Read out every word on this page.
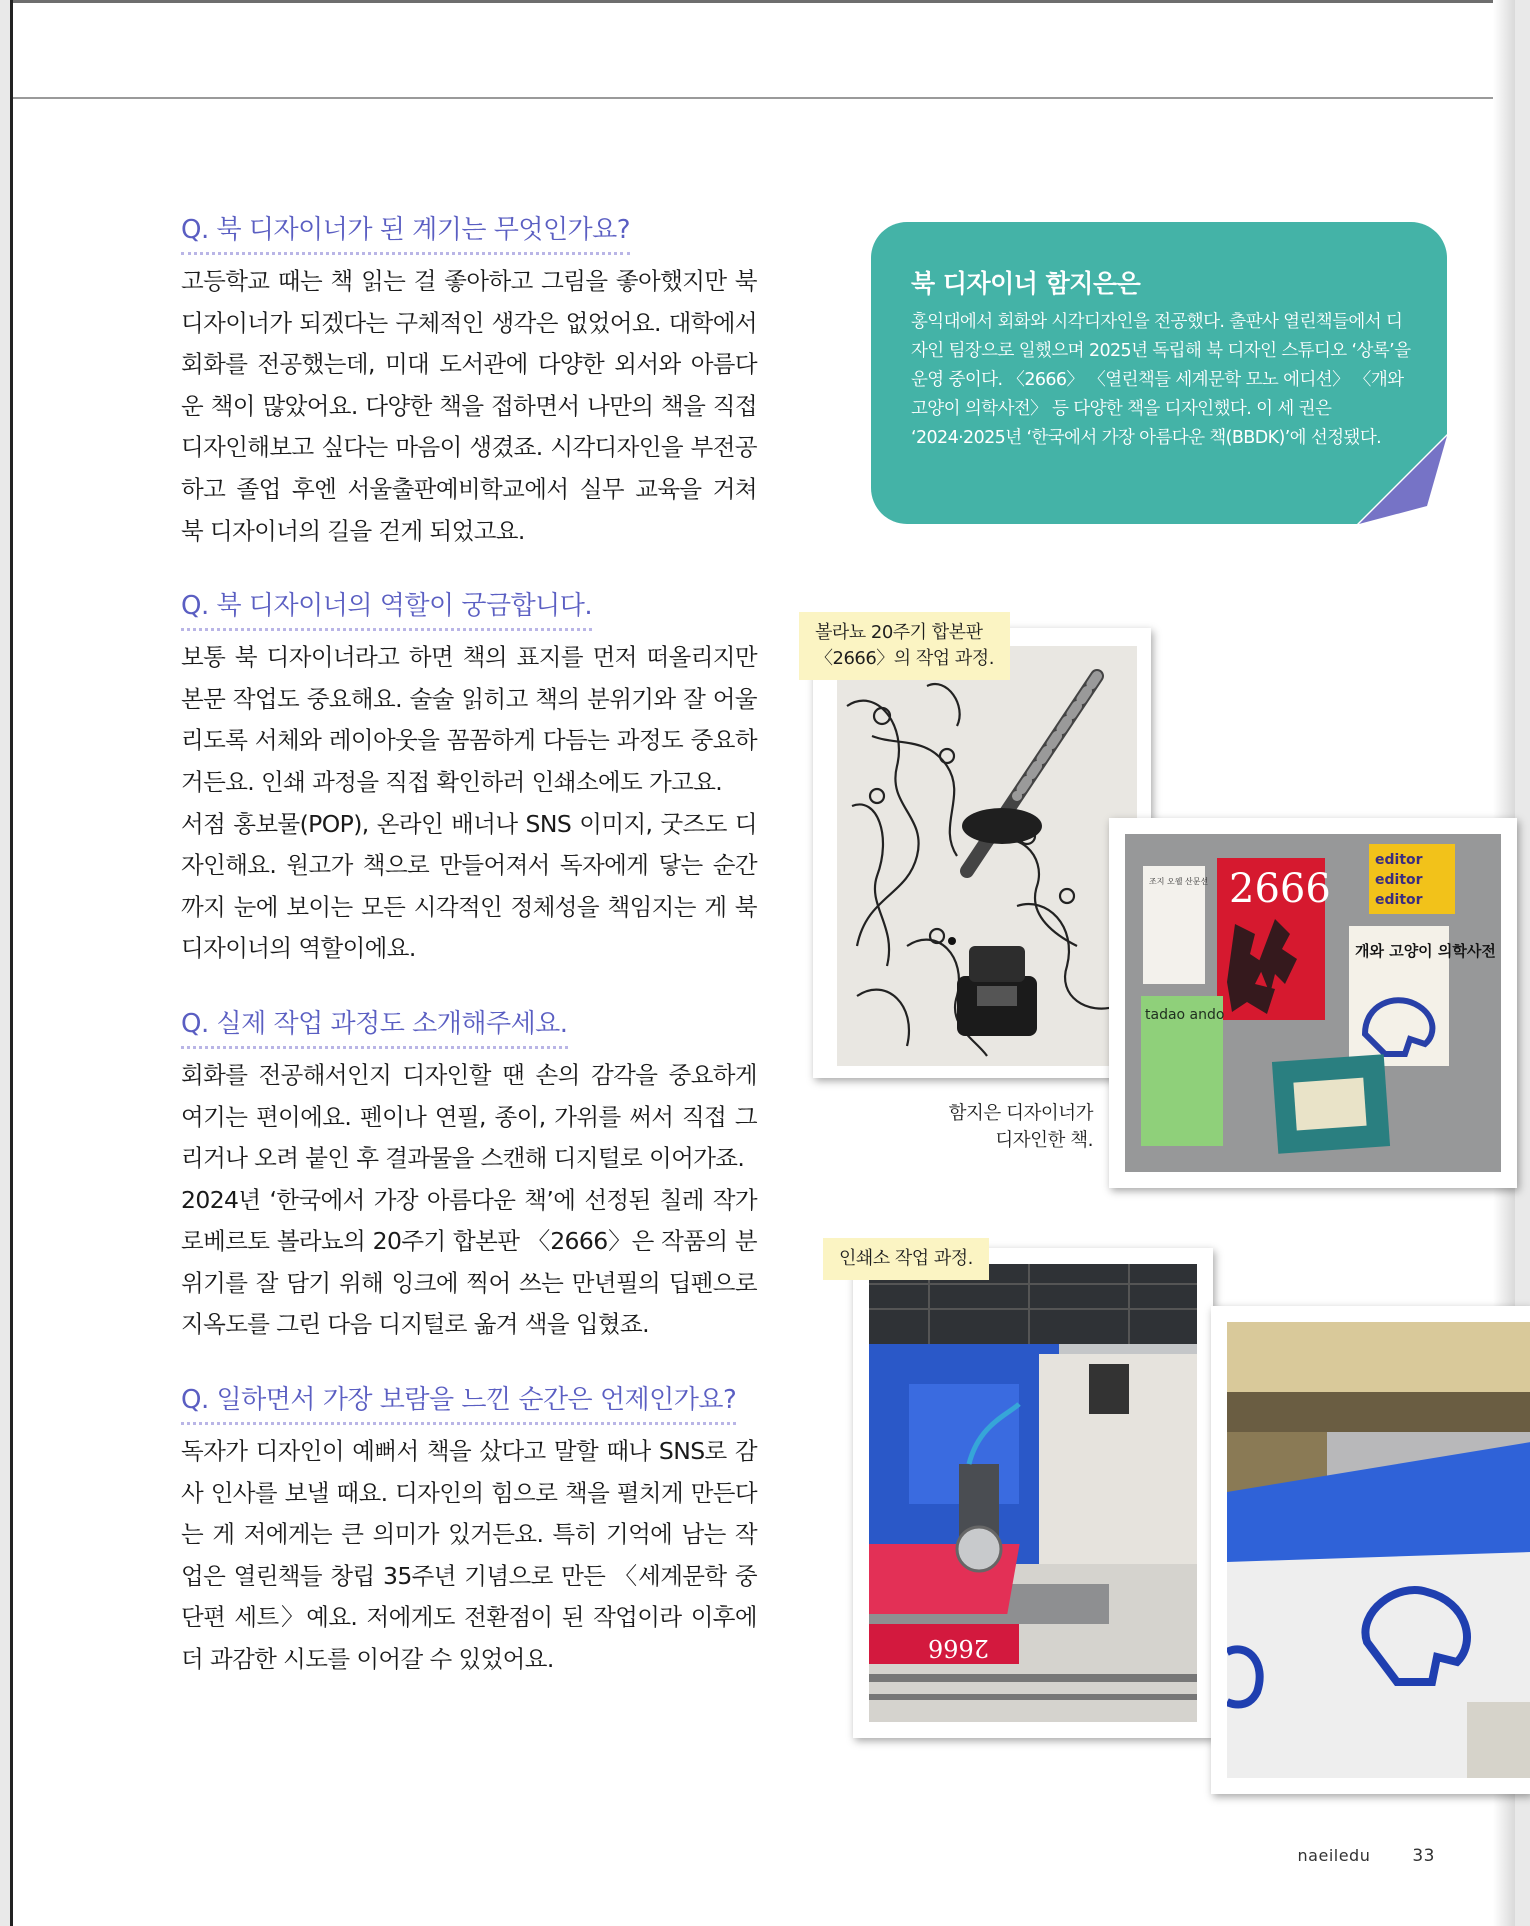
Q. 북 디자이너가 된 계기는 무엇인가요?

고등학교 때는 책 읽는 걸 좋아하고 그림을 좋아했지만 북 디자이너가 되겠다는 구체적인 생각은 없었어요. 대학에서 회화를 전공했는데, 미대 도서관에 다양한 외서와 아름다운 책이 많았어요. 다양한 책을 접하면서 나만의 책을 직접 디자인해보고 싶다는 마음이 생겼죠. 시각디자인을 부전공하고 졸업 후엔 서울출판예비학교에서 실무 교육을 거쳐 북 디자이너의 길을 걷게 되었고요.

Q. 북 디자이너의 역할이 궁금합니다.

보통 북 디자이너라고 하면 책의 표지를 먼저 떠올리지만 본문 작업도 중요해요. 술술 읽히고 책의 분위기와 잘 어울리도록 서체와 레이아웃을 꼼꼼하게 다듬는 과정도 중요하거든요. 인쇄 과정을 직접 확인하러 인쇄소에도 가고요.

서점 홍보물(POP), 온라인 배너나 SNS 이미지, 굿즈도 디자인해요. 원고가 책으로 만들어져서 독자에게 닿는 순간까지 눈에 보이는 모든 시각적인 정체성을 책임지는 게 북 디자이너의 역할이에요.

Q. 실제 작업 과정도 소개해주세요.

회화를 전공해서인지 디자인할 땐 손의 감각을 중요하게 여기는 편이에요. 펜이나 연필, 종이, 가위를 써서 직접 그리거나 오려 붙인 후 결과물을 스캔해 디지털로 이어가죠.

2024년 ‘한국에서 가장 아름다운 책’에 선정된 칠레 작가 로베르토 볼라뇨의 20주기 합본판 〈2666〉은 작품의 분위기를 잘 담기 위해 잉크에 찍어 쓰는 만년필의 딥펜으로 지옥도를 그린 다음 디지털로 옮겨 색을 입혔죠.

Q. 일하면서 가장 보람을 느낀 순간은 언제인가요?

독자가 디자인이 예뻐서 책을 샀다고 말할 때나 SNS로 감사 인사를 보낼 때요. 디자인의 힘으로 책을 펼치게 만든다는 게 저에게는 큰 의미가 있거든요. 특히 기억에 남는 작업은 열린책들 창립 35주년 기념으로 만든 〈세계문학 중단편 세트〉예요. 저에게도 전환점이 된 작업이라 이후에 더 과감한 시도를 이어갈 수 있었어요.

북 디자이너 함지은은
홍익대에서 회화와 시각디자인을 전공했다. 출판사 열린책들에서 디자인 팀장으로 일했으며 2025년 독립해 북 디자인 스튜디오 ‘상록’을 운영 중이다. 〈2666〉 〈열린책들 세계문학 모노 에디션〉 〈개와 고양이 의학사전〉 등 다양한 책을 디자인했다. 이 세 권은 ‘2024·2025년 ‘한국에서 가장 아름다운 책(BBDK)’에 선정됐다.
볼라뇨 20주기 합본판
〈2666〉의 작업 과정.
조지 오웰 산문선 2666
editor
editor
editor
개와 고양이 의학사전
tadao ando
함지은 디자이너가
디자인한 책.
2666
인쇄소 작업 과정.
naeiledu 33
